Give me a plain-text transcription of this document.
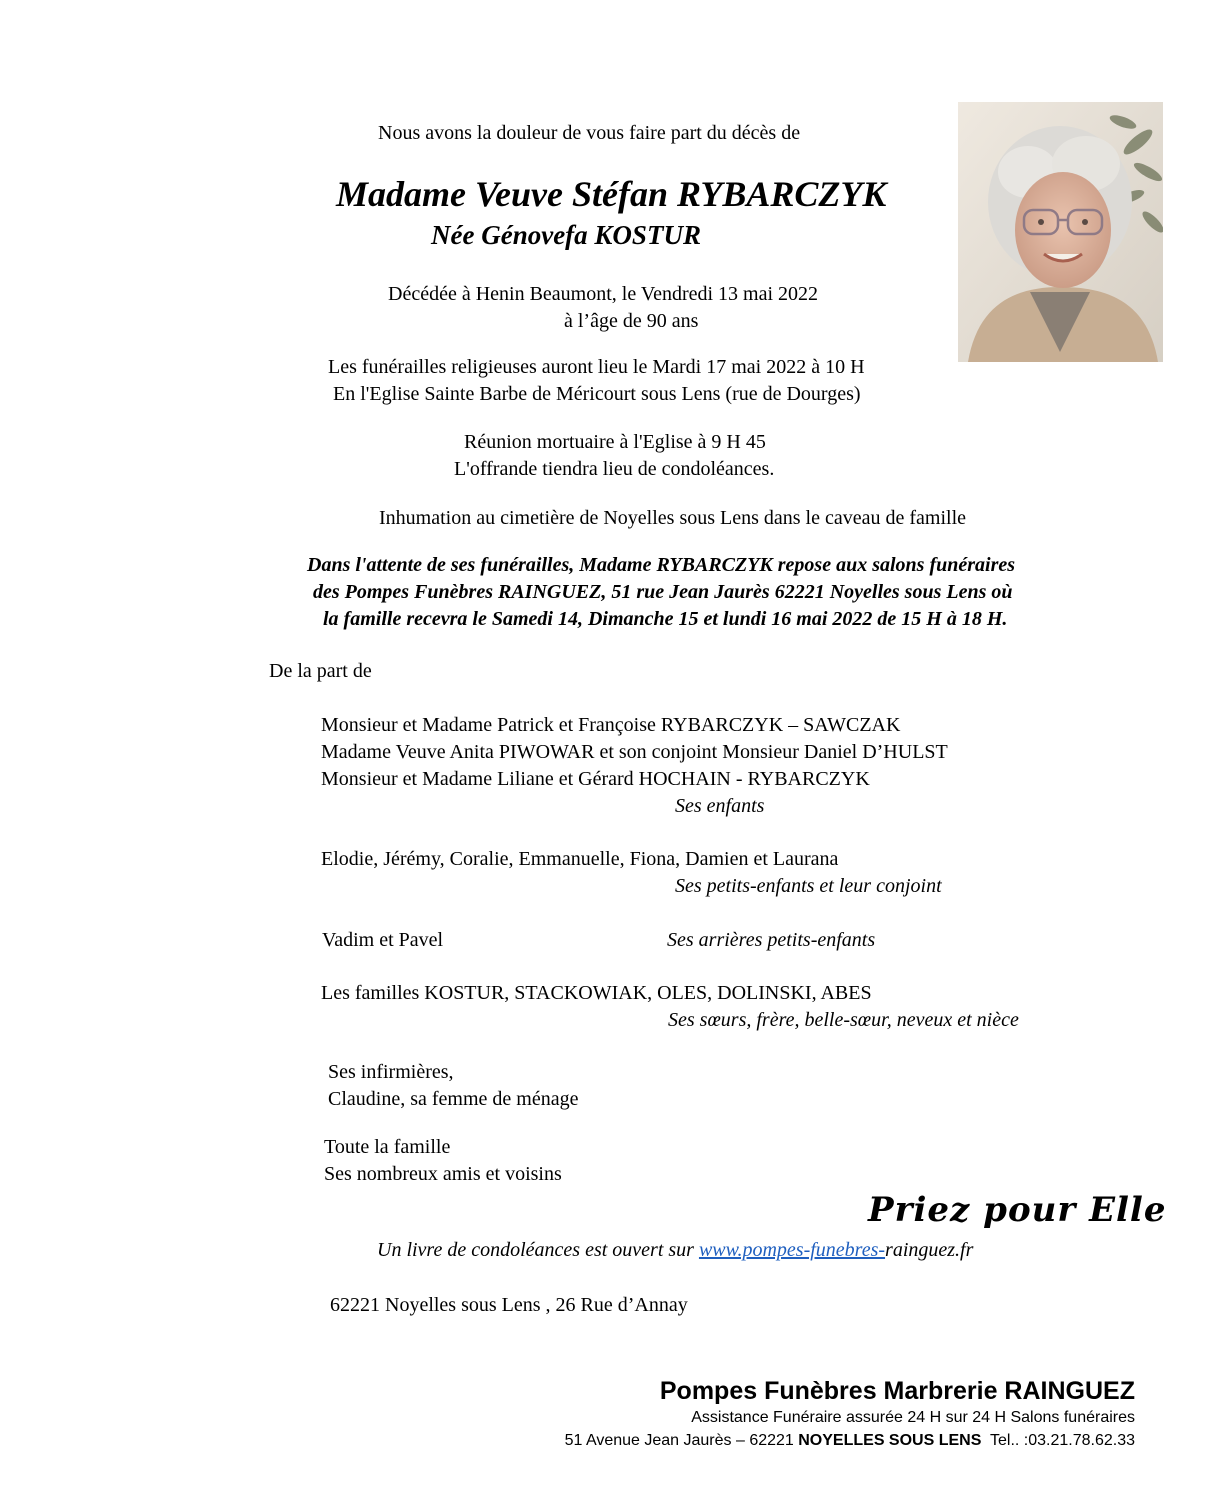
Nous avons la douleur de vous faire part du décès de
Madame Veuve Stéfan RYBARCZYK
Née Génovefa KOSTUR
Décédée à Henin Beaumont, le Vendredi 13 mai 2022
à l’âge de 90 ans
Les funérailles religieuses auront lieu le Mardi 17 mai 2022 à 10 H
En l'Eglise Sainte Barbe de Méricourt sous Lens (rue de Dourges)
Réunion mortuaire à l'Eglise à 9 H 45
L'offrande tiendra lieu de condoléances.
Inhumation au cimetière de Noyelles sous Lens dans le caveau de famille
Dans l'attente de ses funérailles, Madame RYBARCZYK repose aux salons funéraires
des Pompes Funèbres RAINGUEZ, 51 rue Jean Jaurès 62221 Noyelles sous Lens où
la famille recevra le Samedi 14, Dimanche 15 et lundi 16 mai 2022 de 15 H à 18 H.
De la part de
Monsieur et Madame Patrick et Françoise RYBARCZYK – SAWCZAK
Madame Veuve Anita PIWOWAR et son conjoint Monsieur Daniel D’HULST
Monsieur et Madame Liliane et Gérard HOCHAIN - RYBARCZYK
Ses enfants
Elodie, Jérémy, Coralie, Emmanuelle, Fiona, Damien et Laurana
Ses petits-enfants et leur conjoint
Vadim et Pavel	Ses arrières petits-enfants
Les familles KOSTUR, STACKOWIAK, OLES, DOLINSKI, ABES
Ses sœurs, frère, belle-sœur, neveux et nièce
Ses infirmières,
Claudine, sa femme de ménage
Toute la famille
Ses nombreux amis et voisins
Priez pour Elle
Un livre de condoléances est ouvert sur www.pompes-funebres-rainguez.fr
62221 Noyelles sous Lens , 26 Rue d’Annay
Pompes Funèbres Marbrerie RAINGUEZ
Assistance Funéraire assurée 24 H sur 24 H Salons funéraires
51 Avenue Jean Jaurès – 62221 NOYELLES SOUS LENS  Tel.. :03.21.78.62.33
